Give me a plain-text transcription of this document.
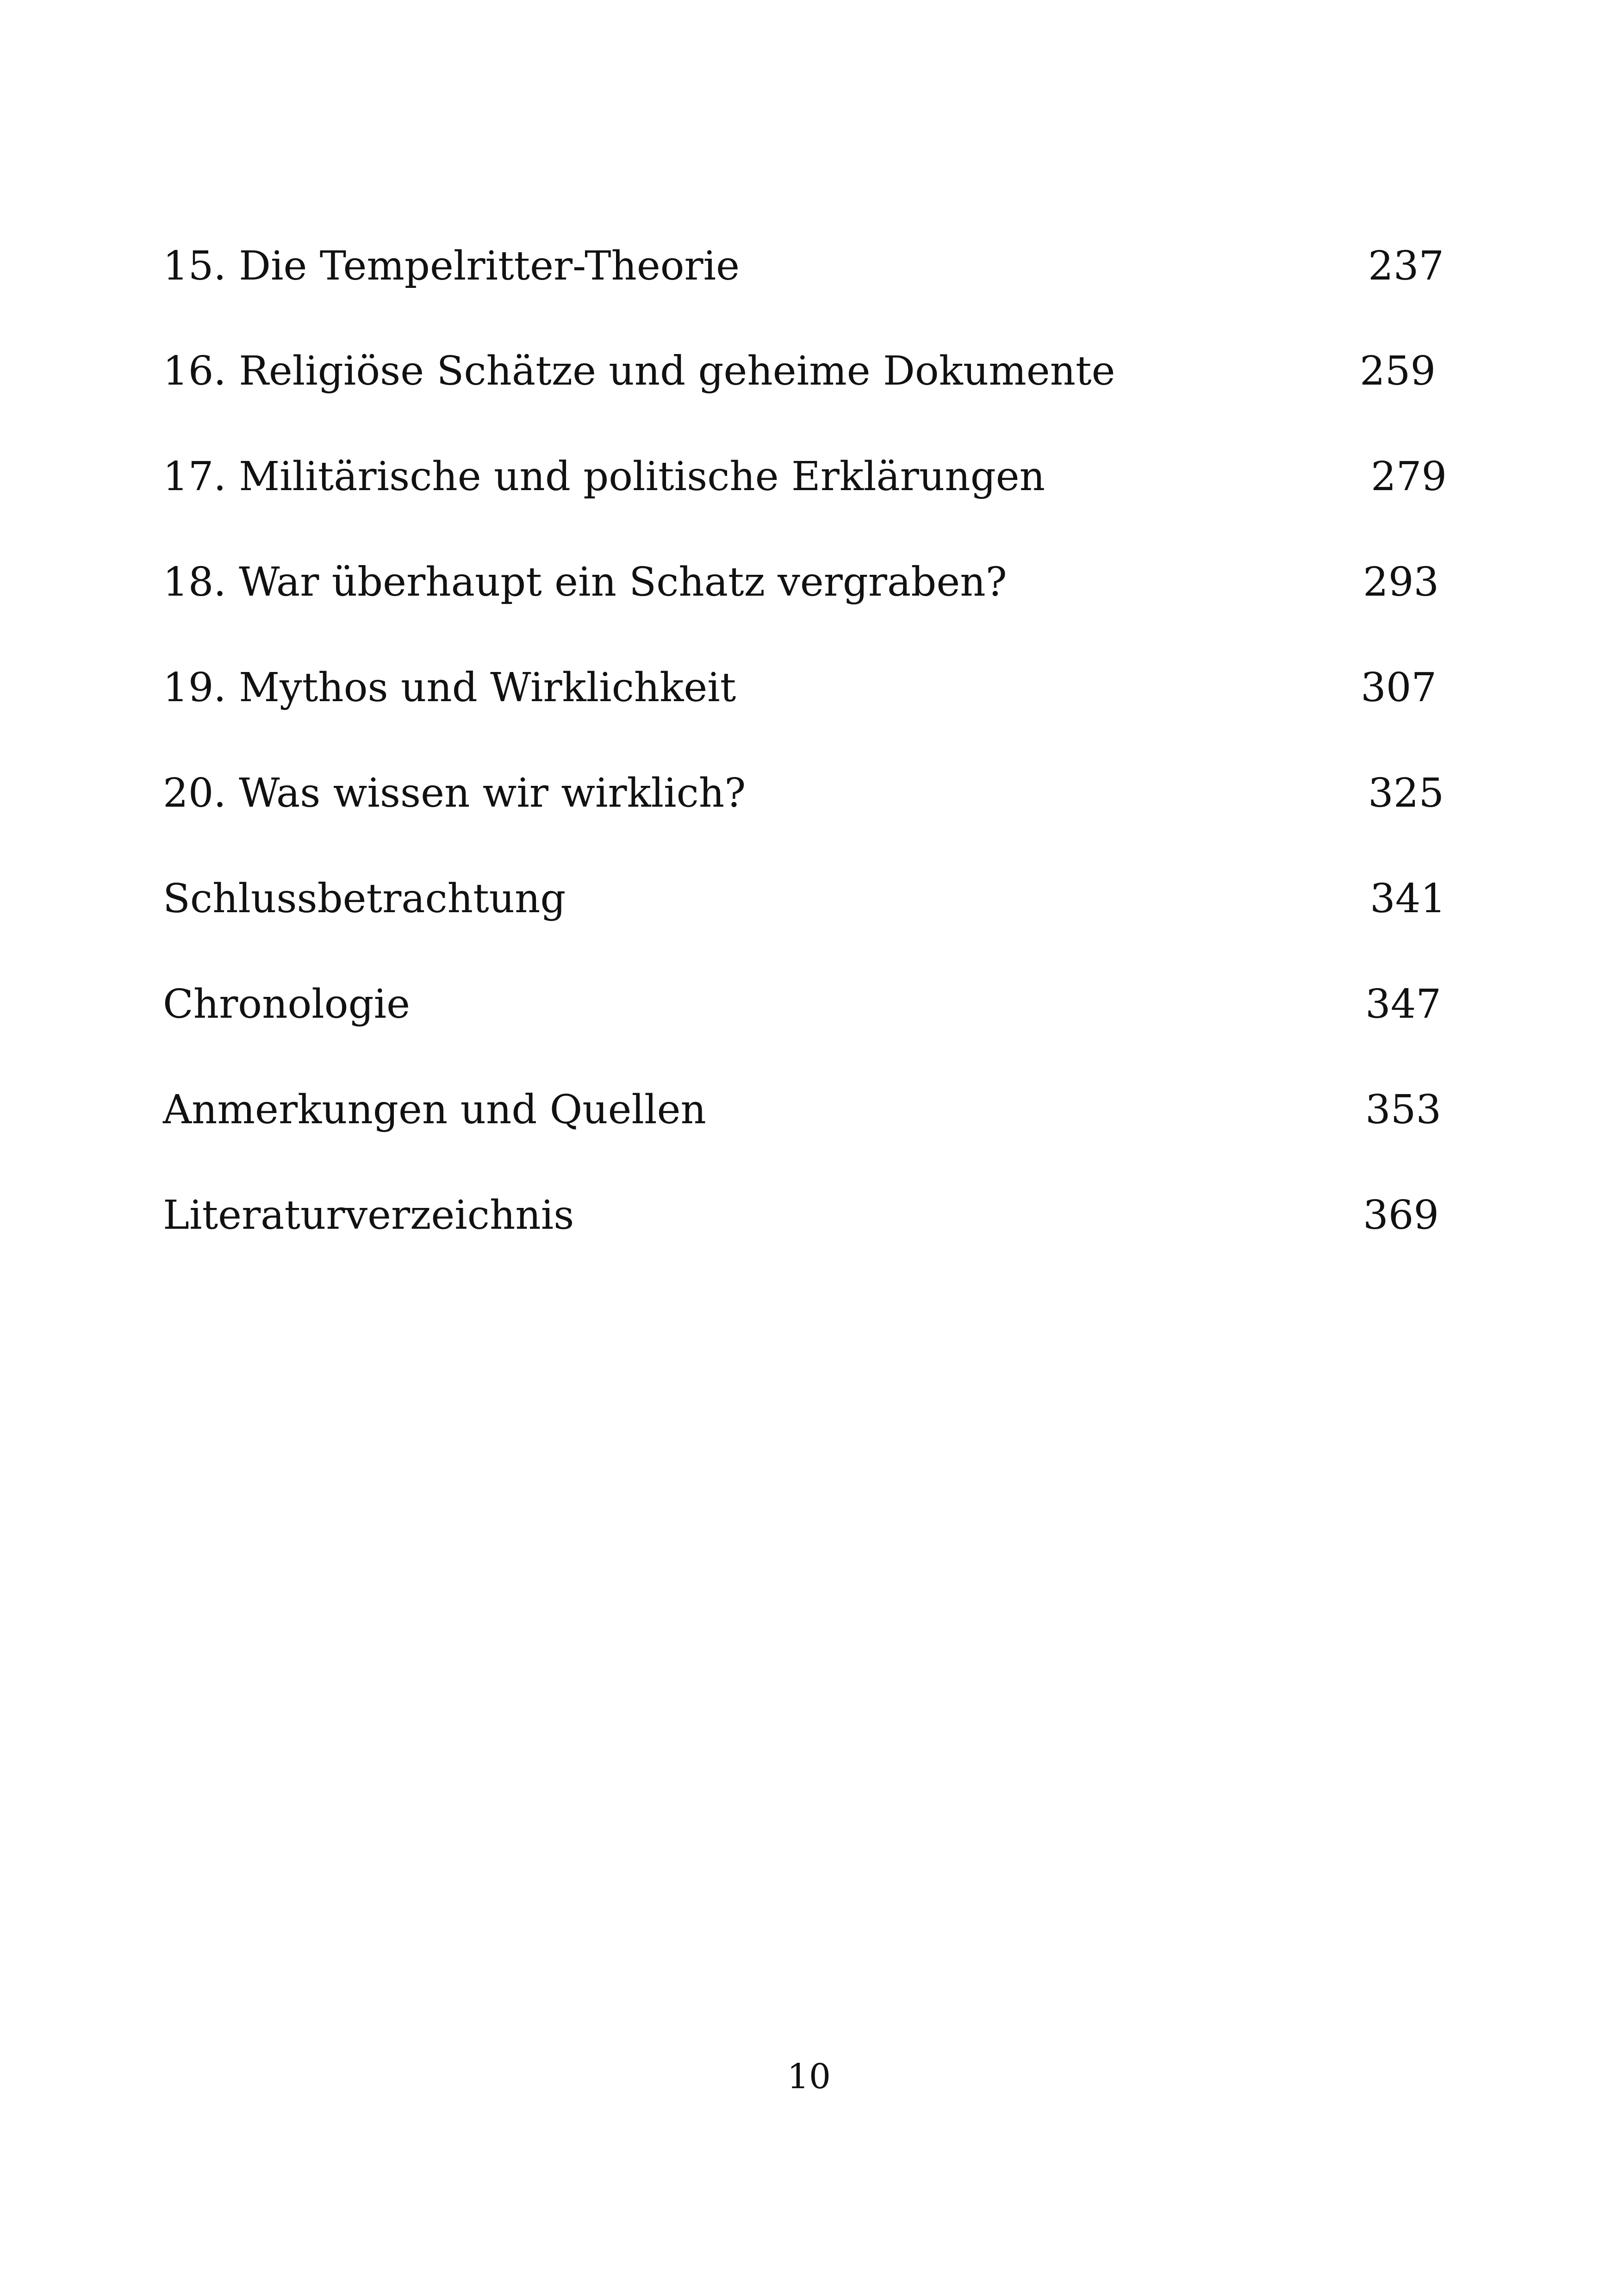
15. Die Tempelritter-Theorie	237
16. Religiöse Schätze und geheime Dokumente	259
17. Militärische und politische Erklärungen	279
18. War überhaupt ein Schatz vergraben?	293
19. Mythos und Wirklichkeit	307
20. Was wissen wir wirklich?	325
Schlussbetrachtung	341
Chronologie	347
Anmerkungen und Quellen	353
Literaturverzeichnis	369
10
